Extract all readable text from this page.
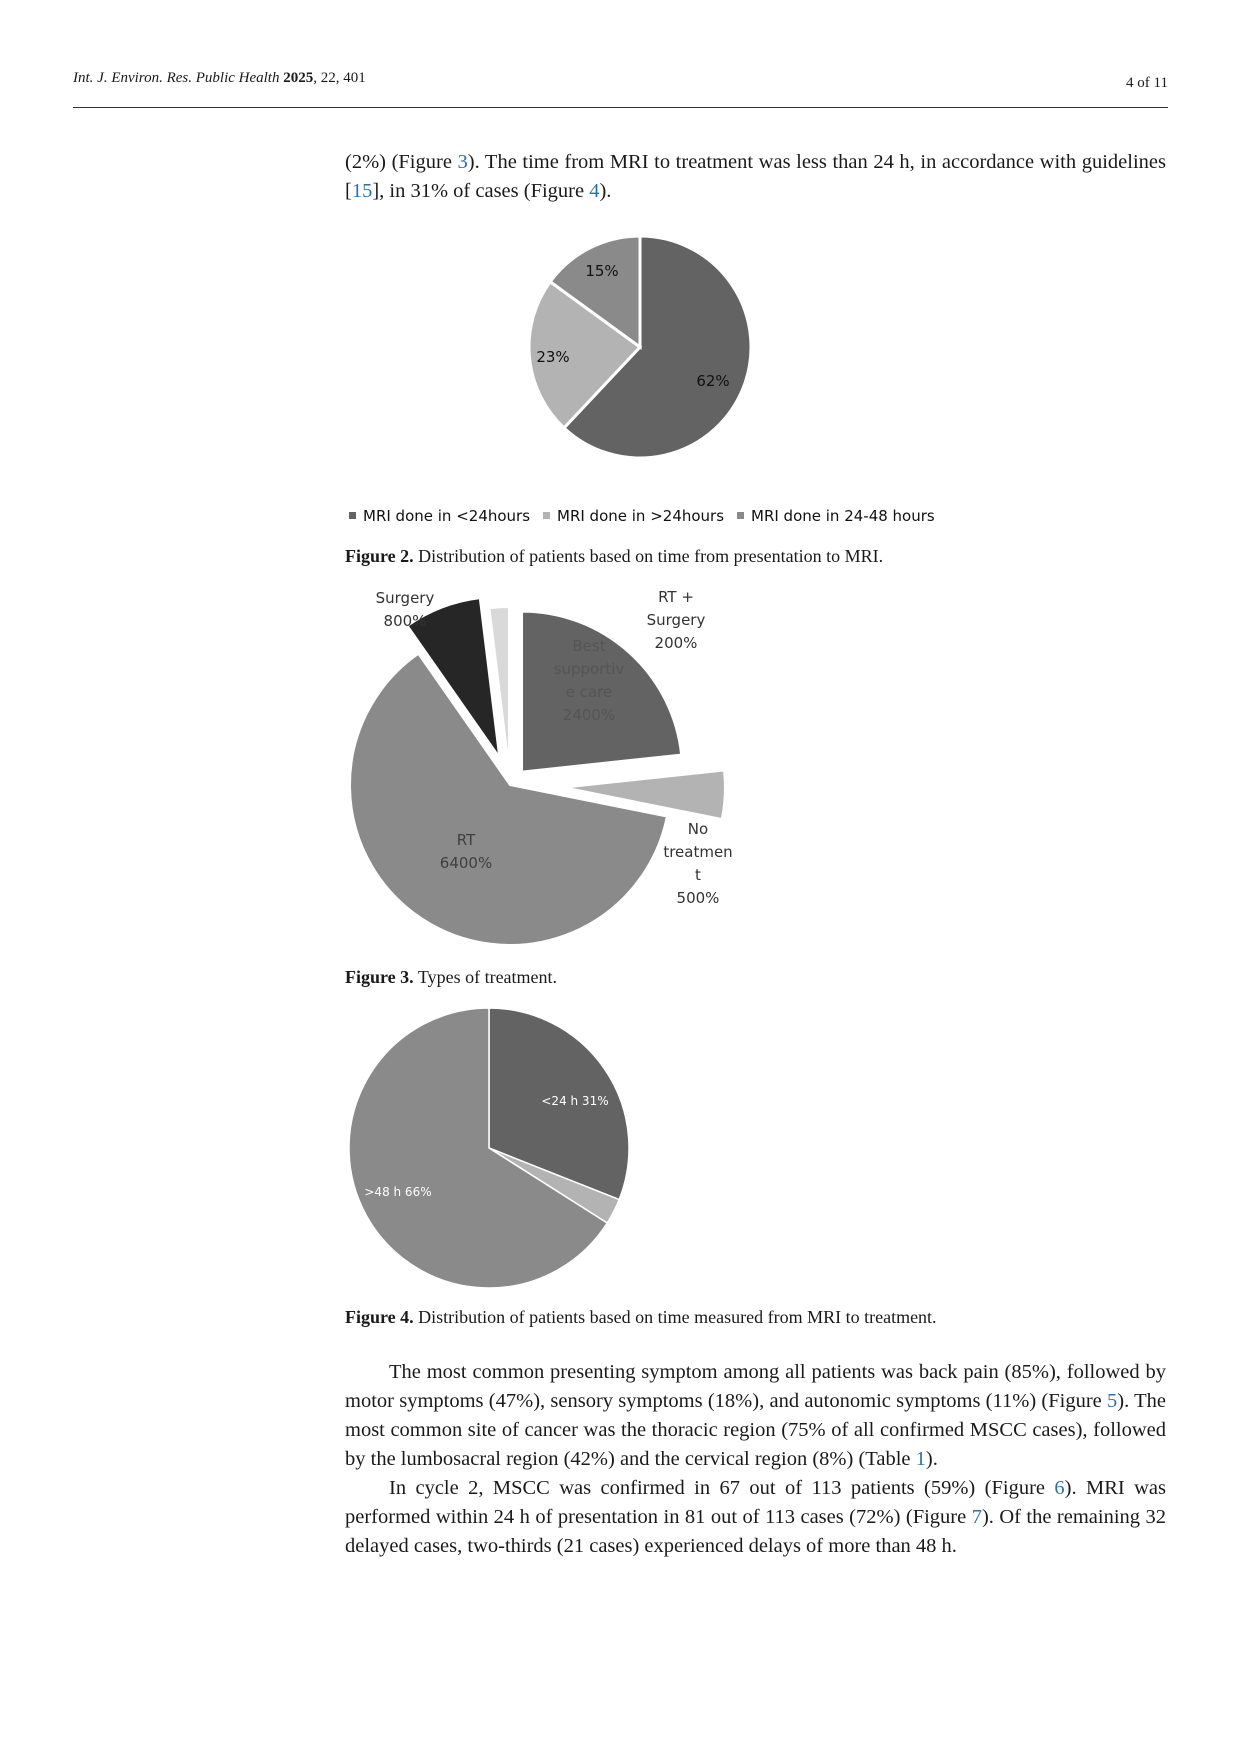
Int. J. Environ. Res. Public Health 2025, 22, 401	4 of 11

(2%) (Figure 3). The time from MRI to treatment was less than 24 h, in accordance with guidelines [15], in 31% of cases (Figure 4).

62%
23%
15%
MRI done in <24hours MRI done in >24hours MRI done in 24-48 hours
Best supportiv e care 2400%
No treatmen t 500%
RT 6400%
Surgery 800%
RT + Surgery 200%
<24 h 31%
>48 h 66%
Figure 2. Distribution of patients based on time from presentation to MRI.
Figure 3. Types of treatment.
Figure 4. Distribution of patients based on time measured from MRI to treatment.

The most common presenting symptom among all patients was back pain (85%), followed by motor symptoms (47%), sensory symptoms (18%), and autonomic symptoms (11%) (Figure 5). The most common site of cancer was the thoracic region (75% of all confirmed MSCC cases), followed by the lumbosacral region (42%) and the cervical region (8%) (Table 1).

In cycle 2, MSCC was confirmed in 67 out of 113 patients (59%) (Figure 6). MRI was performed within 24 h of presentation in 81 out of 113 cases (72%) (Figure 7). Of the remaining 32 delayed cases, two-thirds (21 cases) experienced delays of more than 48 h.
